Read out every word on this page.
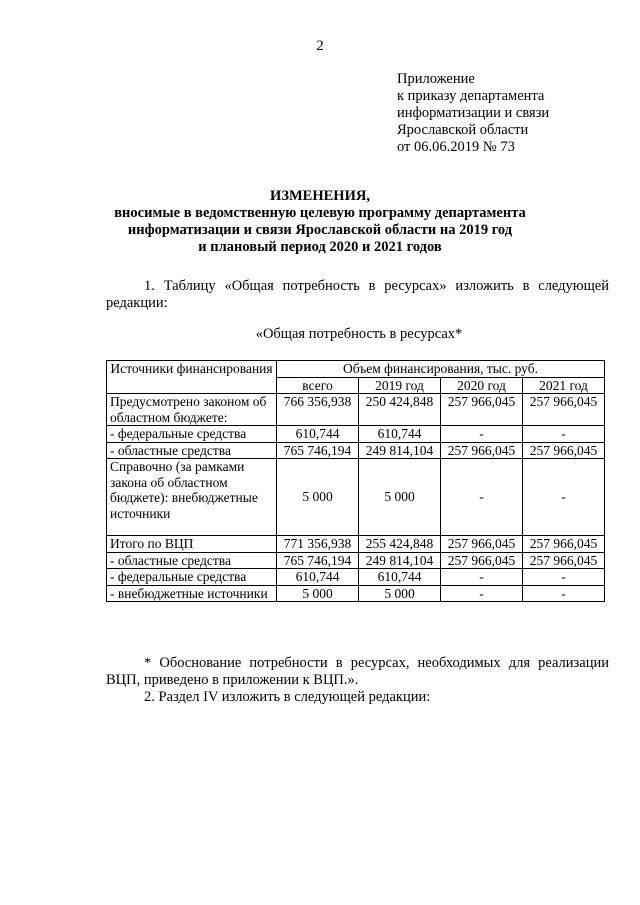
2
Приложение
к приказу департамента
информатизации и связи
Ярославской области
от 06.06.2019 № 73
ИЗМЕНЕНИЯ,
вносимые в ведомственную целевую программу департамента
информатизации и связи Ярославской области на 2019 год
и плановый период 2020 и 2021 годов
1. Таблицу «Общая потребность в ресурсах» изложить в следующей редакции:
«Общая потребность в ресурсах*
Источники финансирования	Объем финансирования, тыс. руб.			
	всего	2019 год	2020 год	2021 год
Предусмотрено законом об областном бюджете:	766 356,938	250 424,848	257 966,045	257 966,045
- федеральные средства	610,744	610,744	-	-
- областные средства	765 746,194	249 814,104	257 966,045	257 966,045
Справочно (за рамками закона об областном бюджете): внебюджетные источники	5 000	5 000	-	-
Итого по ВЦП	771 356,938	255 424,848	257 966,045	257 966,045
- областные средства	765 746,194	249 814,104	257 966,045	257 966,045
- федеральные средства	610,744	610,744	-	-
- внебюджетные источники	5 000	5 000	-	-
* Обоснование потребности в ресурсах, необходимых для реализации ВЦП, приведено в приложении к ВЦП.».
2. Раздел IV изложить в следующей редакции:
